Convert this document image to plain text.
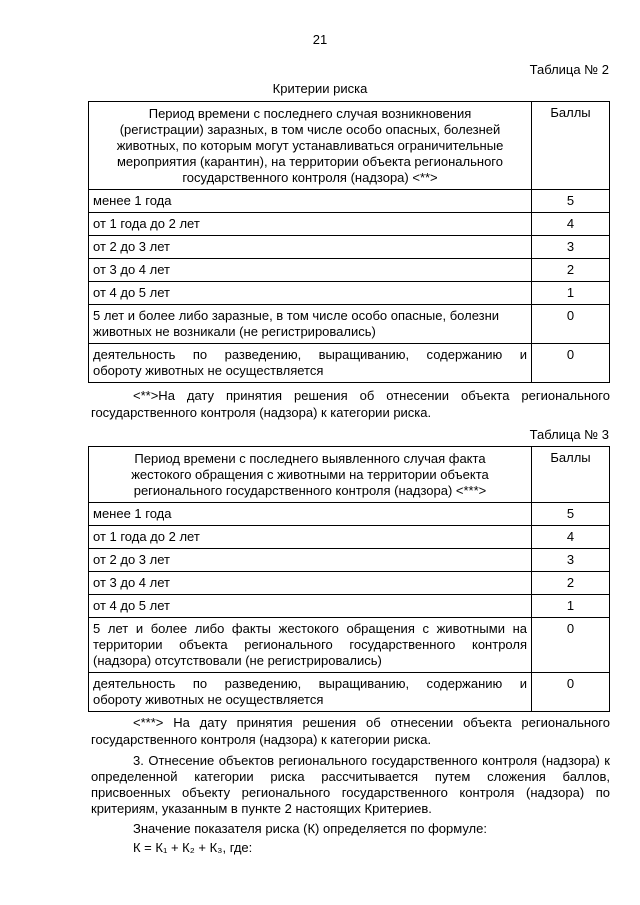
21
Таблица № 2
Критерии риска
Период времени с последнего случая возникновения (регистрации) заразных, в том числе особо опасных, болезней животных, по которым могут устанавливаться ограничительные мероприятия (карантин), на территории объекта регионального государственного контроля (надзора) <**>	Баллы
менее 1 года	5
от 1 года до 2 лет	4
от 2 до 3 лет	3
от 3 до 4 лет	2
от 4 до 5 лет	1
5 лет и более либо заразные, в том числе особо опасные, болезни животных не возникали (не регистрировались)	0
деятельность по разведению, выращиванию, содержанию и
обороту животных не осуществляется	0
<**>На дату принятия решения об отнесении объекта регионального государственного контроля (надзора) к категории риска.
Таблица № 3
Период времени с последнего выявленного случая факта жестокого обращения с животными на территории объекта регионального государственного контроля (надзора) <***>	Баллы
менее 1 года	5
от 1 года до 2 лет	4
от 2 до 3 лет	3
от 3 до 4 лет	2
от 4 до 5 лет	1
5 лет и более либо факты жестокого обращения с животными на территории объекта регионального государственного контроля (надзора) отсутствовали (не регистрировались)	0
деятельность по разведению, выращиванию, содержанию и
обороту животных не осуществляется	0
<***> На дату принятия решения об отнесении объекта регионального государственного контроля (надзора) к категории риска.
3. Отнесение объектов регионального государственного контроля (надзора) к определенной категории риска рассчитывается путем сложения баллов, присвоенных объекту регионального государственного контроля (надзора) по критериям, указанным в пункте 2 настоящих Критериев.
Значение показателя риска (К) определяется по формуле:
К = К₁ + К₂ + К₃, где:
